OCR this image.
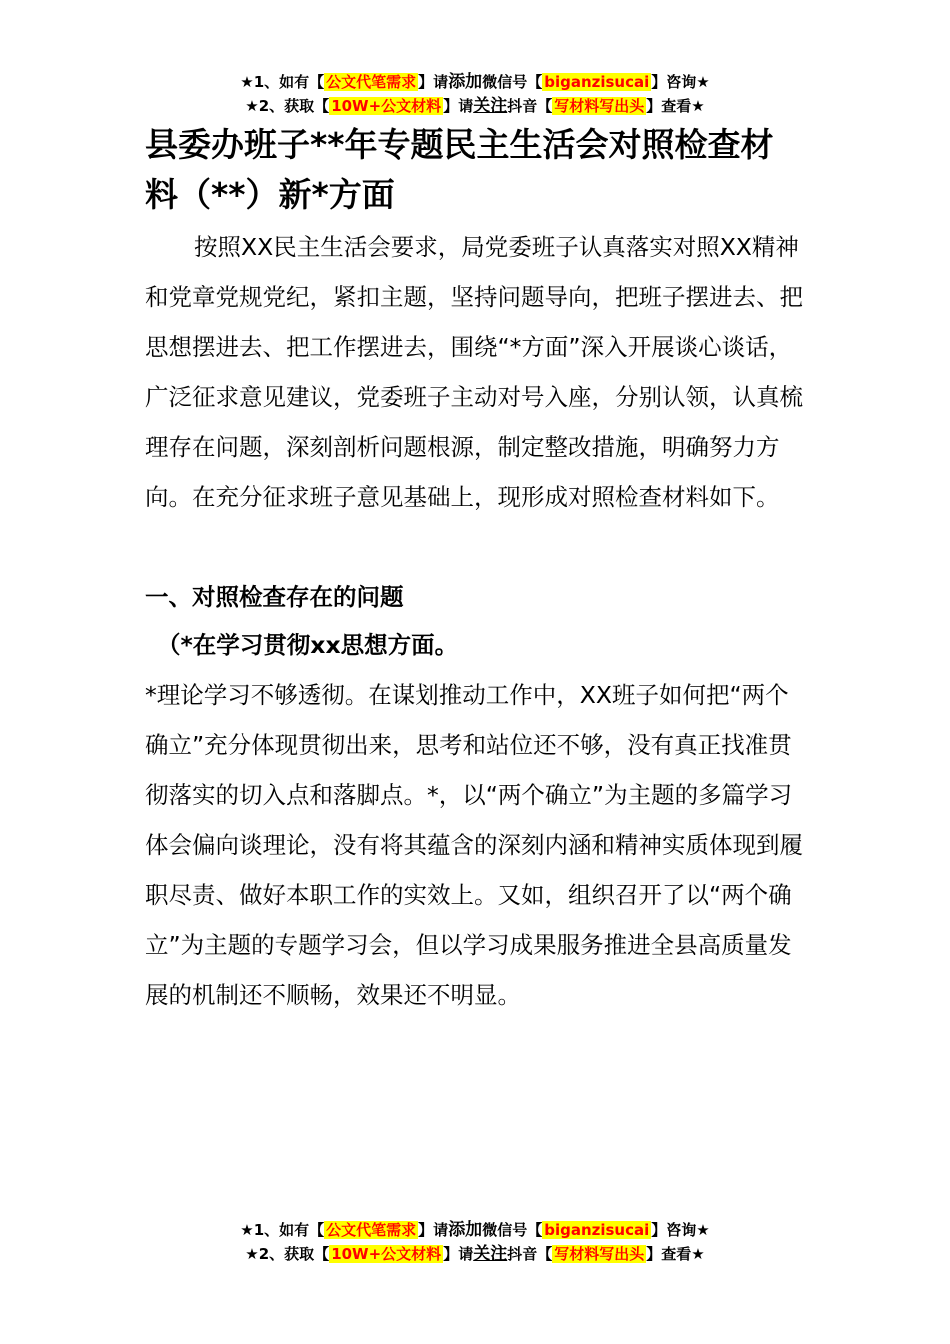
★1、如有【 公文代笔需求 】请添加微信号【 biganzisucai 】咨询★
★2、获取【 10W+公文材料 】请关注抖音【 写材料写出头 】查看★
县委办班子**年专题民主生活会对照检查材料（**）新*方面

按照XX民主生活会要求，局党委班子认真落实对照XX精神和党章党规党纪，紧扣主题，坚持问题导向，把班子摆进去、把思想摆进去、把工作摆进去，围绕“*方面”深入开展谈心谈话，广泛征求意见建议，党委班子主动对号入座，分别认领，认真梳理存在问题，深刻剖析问题根源，制定整改措施，明确努力方向。在充分征求班子意见基础上，现形成对照检查材料如下。

一、对照检查存在的问题

（*在学习贯彻xx思想方面。

*理论学习不够透彻。在谋划推动工作中，XX班子如何把“两个确立”充分体现贯彻出来，思考和站位还不够，没有真正找准贯彻落实的切入点和落脚点。*，以“两个确立”为主题的多篇学习体会偏向谈理论，没有将其蕴含的深刻内涵和精神实质体现到履职尽责、做好本职工作的实效上。又如，组织召开了以“两个确立”为主题的专题学习会，但以学习成果服务推进全县高质量发展的机制还不顺畅，效果还不明显。

★1、如有【 公文代笔需求 】请添加微信号【 biganzisucai 】咨询★
★2、获取【 10W+公文材料 】请关注抖音【 写材料写出头 】查看★
